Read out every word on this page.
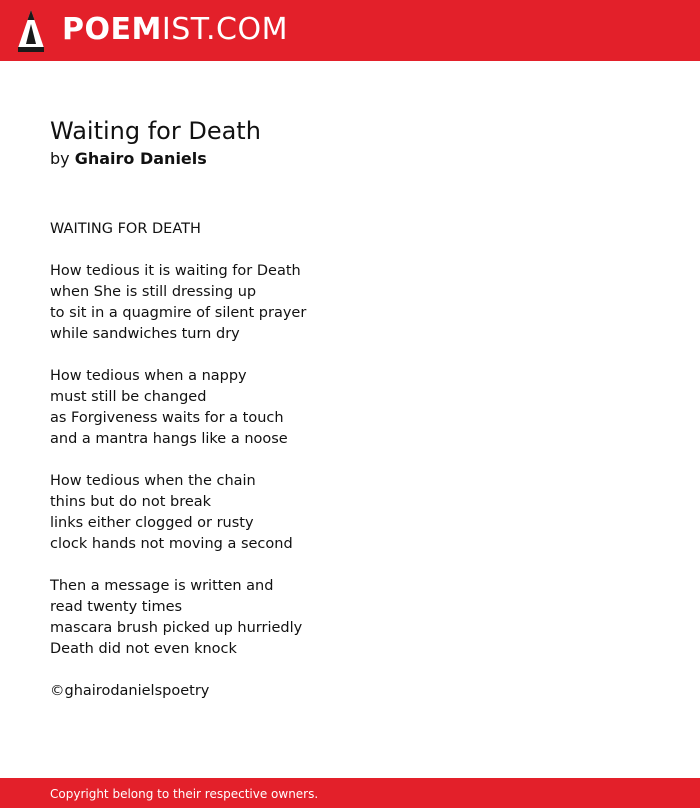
POEMIST.COM
Waiting for Death
by Ghairo Daniels
WAITING FOR DEATH
How tedious it is waiting for Death
when She is still dressing up
to sit in a quagmire of silent prayer
while sandwiches turn dry
How tedious when a nappy
must still be changed
as Forgiveness waits for a touch
and a mantra hangs like a noose
How tedious when the chain
thins but do not break
links either clogged or rusty
clock hands not moving a second
Then a message is written and
read twenty times
mascara brush picked up hurriedly
Death did not even knock
©ghairodanielspoetry
Copyright belong to their respective owners.
